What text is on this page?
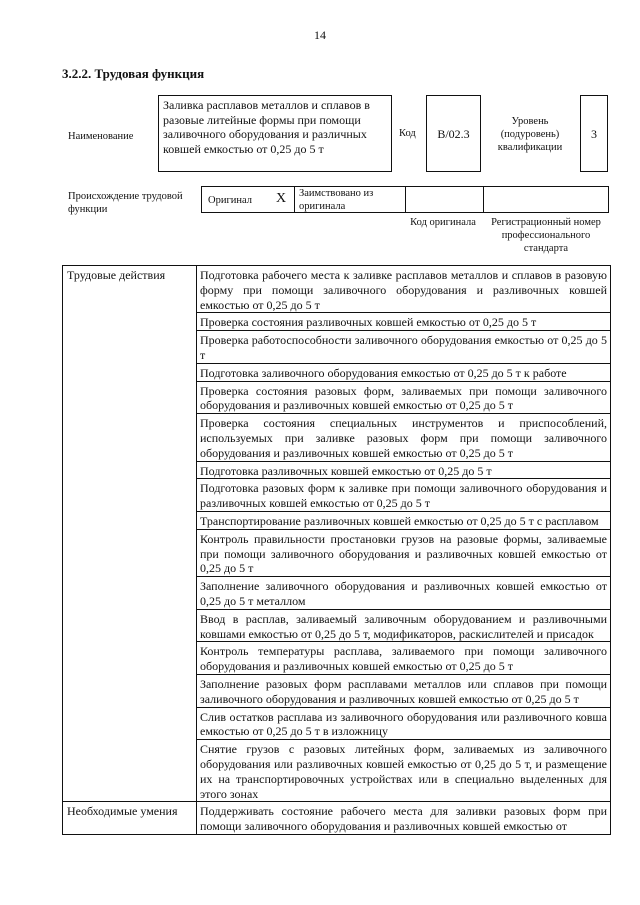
14
3.2.2. Трудовая функция
Наименование
Заливка расплавов металлов и сплавов в разовые литейные формы при помощи заливочного оборудования и различных ковшей емкостью от 0,25 до 5 т
Код	B/02.3
Уровень (подуровень) квалификации
3
Происхождение трудовой функции
Оригинал X Заимствовано из оригинала
Код оригинала	Регистрационный номер профессионального стандарта
Трудовые действия	Подготовка рабочего места к заливке расплавов металлов и сплавов в разовую форму при помощи заливочного оборудования и разливочных ковшей емкостью от 0,25 до 5 т
	Проверка состояния разливочных ковшей емкостью от 0,25 до 5 т
	Проверка работоспособности заливочного оборудования емкостью от 0,25 до 5 т
	Подготовка заливочного оборудования емкостью от 0,25 до 5 т к работе
	Проверка состояния разовых форм, заливаемых при помощи заливочного оборудования и разливочных ковшей емкостью от 0,25 до 5 т
	Проверка состояния специальных инструментов и приспособлений, используемых при заливке разовых форм при помощи заливочного оборудования и разливочных ковшей емкостью от 0,25 до 5 т
	Подготовка разливочных ковшей емкостью от 0,25 до 5 т
	Подготовка разовых форм к заливке при помощи заливочного оборудования и разливочных ковшей емкостью от 0,25 до 5 т
	Транспортирование разливочных ковшей емкостью от 0,25 до 5 т с расплавом
	Контроль правильности простановки грузов на разовые формы, заливаемые при помощи заливочного оборудования и разливочных ковшей емкостью от 0,25 до 5 т
	Заполнение заливочного оборудования и разливочных ковшей емкостью от 0,25 до 5 т металлом
	Ввод в расплав, заливаемый заливочным оборудованием и разливочными ковшами емкостью от 0,25 до 5 т, модификаторов, раскислителей и присадок
	Контроль температуры расплава, заливаемого при помощи заливочного оборудования и разливочных ковшей емкостью от 0,25 до 5 т
	Заполнение разовых форм расплавами металлов или сплавов при помощи заливочного оборудования и разливочных ковшей емкостью от 0,25 до 5 т
	Слив остатков расплава из заливочного оборудования или разливочного ковша емкостью от 0,25 до 5 т в изложницу
	Снятие грузов с разовых литейных форм, заливаемых из заливочного оборудования или разливочных ковшей емкостью от 0,25 до 5 т, и размещение их на транспортировочных устройствах или в специально выделенных для этого зонах
Необходимые умения	Поддерживать состояние рабочего места для заливки разовых форм при помощи заливочного оборудования и разливочных ковшей емкостью от
